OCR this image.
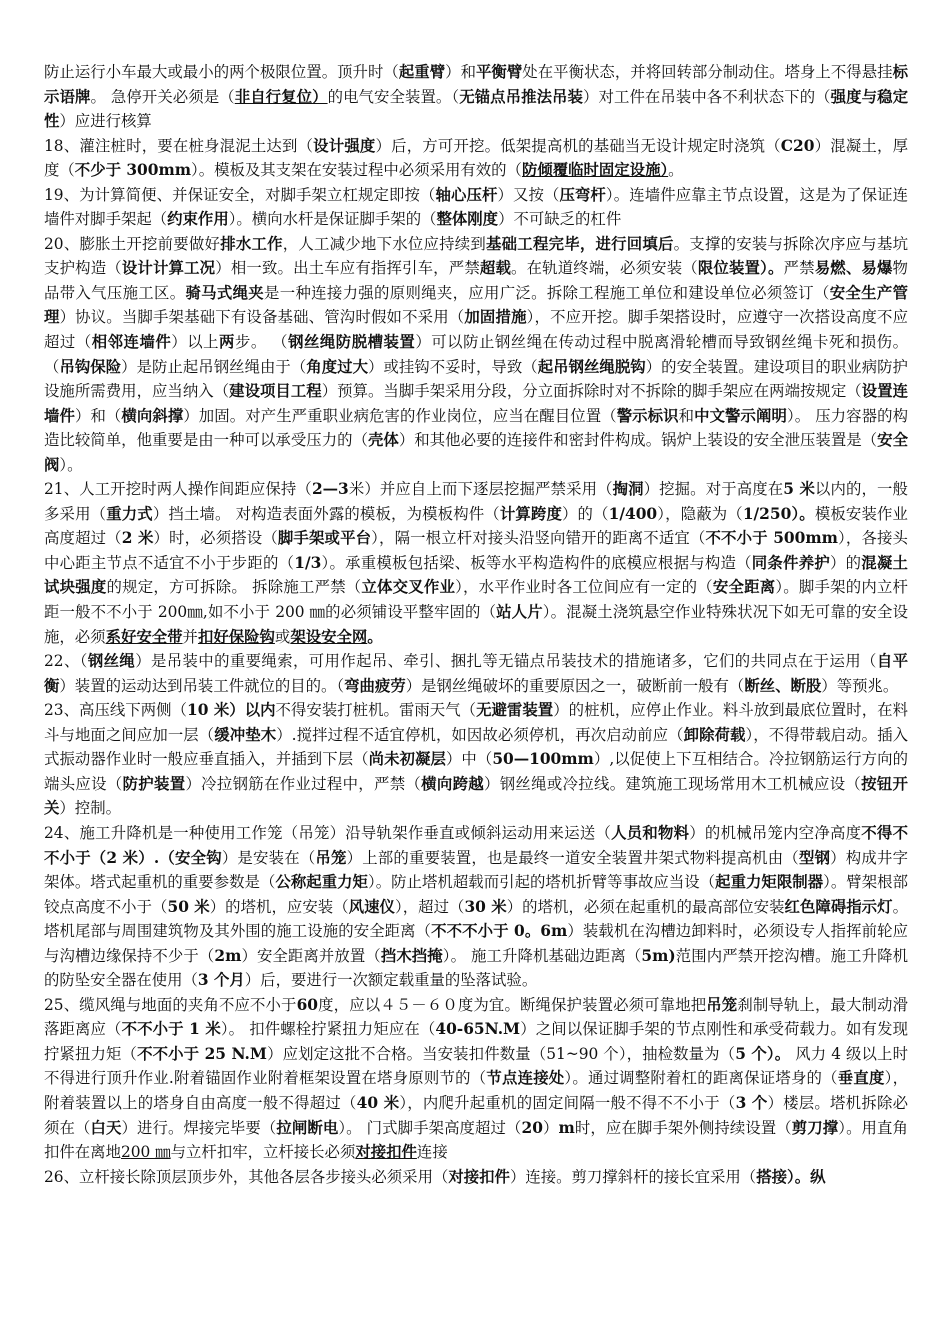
防止运行小车最大或最小的两个极限位置。顶升时（起重臂）和平衡臂处在平衡状态，并将回转部分制动住。塔身上不得悬挂标示语牌。 急停开关必须是（非自行复位）的电气安全装置。（无锚点吊推法吊装）对工件在吊装中各不利状态下的（强度与稳定性）应进行核算

18、灌注桩时，要在桩身混泥土达到（设计强度）后，方可开挖。低架提高机的基础当无设计规定时浇筑（C20）混凝土，厚度（不少于 300mm）。模板及其支架在安装过程中必须采用有效的（防倾覆临时固定设施）。

19、为计算简便、并保证安全，对脚手架立杠规定即按（轴心压杆）又按（压弯杆）。连墙件应靠主节点设置，这是为了保证连墙件对脚手架起（约束作用）。横向水杆是保证脚手架的（整体刚度）不可缺乏的杠件

20、膨胀土开挖前要做好排水工作，人工减少地下水位应持续到基础工程完毕，进行回填后。支撑的安装与拆除次序应与基坑支护构造（设计计算工况）相一致。出土车应有指挥引车，严禁超载。在轨道终端，必须安装（限位装置）。严禁易燃、易爆物品带入气压施工区。骑马式绳夹是一种连接力强的原则绳夹，应用广泛。拆除工程施工单位和建设单位必须签订（安全生产管理）协议。当脚手架基础下有设备基础、管沟时假如不采用（加固措施），不应开挖。脚手架搭设时，应遵守一次搭设高度不应超过（相邻连墙件）以上两步。 （钢丝绳防脱槽装置）可以防止钢丝绳在传动过程中脱离滑轮槽而导致钢丝绳卡死和损伤。 （吊钩保险）是防止起吊钢丝绳由于（角度过大）或挂钩不妥时，导致（起吊钢丝绳脱钩）的安全装置。建设项目的职业病防护设施所需费用，应当纳入（建设项目工程）预算。当脚手架采用分段，分立面拆除时对不拆除的脚手架应在两端按规定（设置连墙件）和（横向斜撑）加固。对产生严重职业病危害的作业岗位，应当在醒目位置（警示标识和中文警示阐明）。 压力容器的构造比较简单，他重要是由一种可以承受压力的（壳体）和其他必要的连接件和密封件构成。锅炉上装设的安全泄压装置是（安全阀）。

21、人工开挖时两人操作间距应保持（2—3米）并应自上而下逐层挖掘严禁采用（掏洞）挖掘。对于高度在5 米以内的，一般多采用（重力式）挡土墙。 对构造表面外露的模板，为模板构件（计算跨度）的（1/400），隐蔽为（1/250）。模板安装作业高度超过（2 米）时，必须搭设（脚手架或平台），隔一根立杆对接头沿竖向错开的距离不适宜（不不小于 500mm），各接头中心距主节点不适宜不小于步距的（1/3）。承重模板包括梁、板等水平构造构件的底模应根据与构造（同条件养护）的混凝土试块强度的规定，方可拆除。 拆除施工严禁（立体交叉作业），水平作业时各工位间应有一定的（安全距离）。脚手架的内立杆距一般不不小于 200㎜,如不小于 200 ㎜的必须铺设平整牢固的（站人片）。混凝土浇筑悬空作业特殊状况下如无可靠的安全设施，必须系好安全带并扣好保险钩或架设安全网。

22、（钢丝绳）是吊装中的重要绳索，可用作起吊、牵引、捆扎等无锚点吊装技术的措施诸多，它们的共同点在于运用（自平衡）装置的运动达到吊装工件就位的目的。（弯曲疲劳）是钢丝绳破坏的重要原因之一，破断前一般有（断丝、断股）等预兆。

23、高压线下两侧（10 米）以内不得安装打桩机。雷雨天气（无避雷装置）的桩机，应停止作业。料斗放到最底位置时，在料斗与地面之间应加一层（缓冲垫木）.搅拌过程不适宜停机，如因故必须停机，再次启动前应（卸除荷载），不得带载启动。插入式振动器作业时一般应垂直插入，并插到下层（尚未初凝层）中（50—100mm）,以促使上下互相结合。冷拉钢筋运行方向的端头应设（防护装置）冷拉钢筋在作业过程中，严禁（横向跨越）钢丝绳或冷拉线。建筑施工现场常用木工机械应设（按钮开关）控制。

24、施工升降机是一种使用工作笼（吊笼）沿导轨架作垂直或倾斜运动用来运送（人员和物料）的机械吊笼内空净高度不得不不小于（2 米）.（安全钩）是安装在（吊笼）上部的重要装置，也是最终一道安全装置井架式物料提高机由（型钢）构成井字架体。塔式起重机的重要参数是（公称起重力矩）。防止塔机超载而引起的塔机折臂等事故应当设（起重力矩限制器）。臂架根部铰点高度不小于（50 米）的塔机，应安装（风速仪），超过（30 米）的塔机，必须在起重机的最高部位安装红色障碍指示灯。塔机尾部与周围建筑物及其外围的施工设施的安全距离（不不不小于 0。6m）装载机在沟槽边卸料时，必须设专人指挥前轮应与沟槽边缘保持不少于（2m）安全距离并放置（挡木挡掩）。 施工升降机基础边距离（5m)范围内严禁开挖沟槽。施工升降机的防坠安全器在使用（3 个月）后，要进行一次额定载重量的坠落试验。

25、缆风绳与地面的夹角不应不小于60度，应以４５－６０度为宜。断绳保护装置必须可靠地把吊笼刹制导轨上，最大制动滑落距离应（不不小于 1 米）。 扣件螺栓拧紧扭力矩应在（40-65N.M）之间以保证脚手架的节点刚性和承受荷载力。如有发现拧紧扭力矩（不不小于 25 N.M）应划定这批不合格。当安装扣件数量（51~90 个），抽检数量为（5 个）。 风力 4 级以上时不得进行顶升作业.附着锚固作业附着框架设置在塔身原则节的（节点连接处）。通过调整附着杠的距离保证塔身的（垂直度），附着装置以上的塔身自由高度一般不得超过（40 米），内爬升起重机的固定间隔一般不得不不小于（3 个）楼层。塔机拆除必须在（白天）进行。焊接完毕要（拉闸断电）。 门式脚手架高度超过（20）m时，应在脚手架外侧持续设置（剪刀撑）。用直角扣件在离地200 ㎜与立杆扣牢，立杆接长必须对接扣件连接

26、立杆接长除顶层顶步外，其他各层各步接头必须采用（对接扣件）连接。剪刀撑斜杆的接长宜采用（搭接）。纵
